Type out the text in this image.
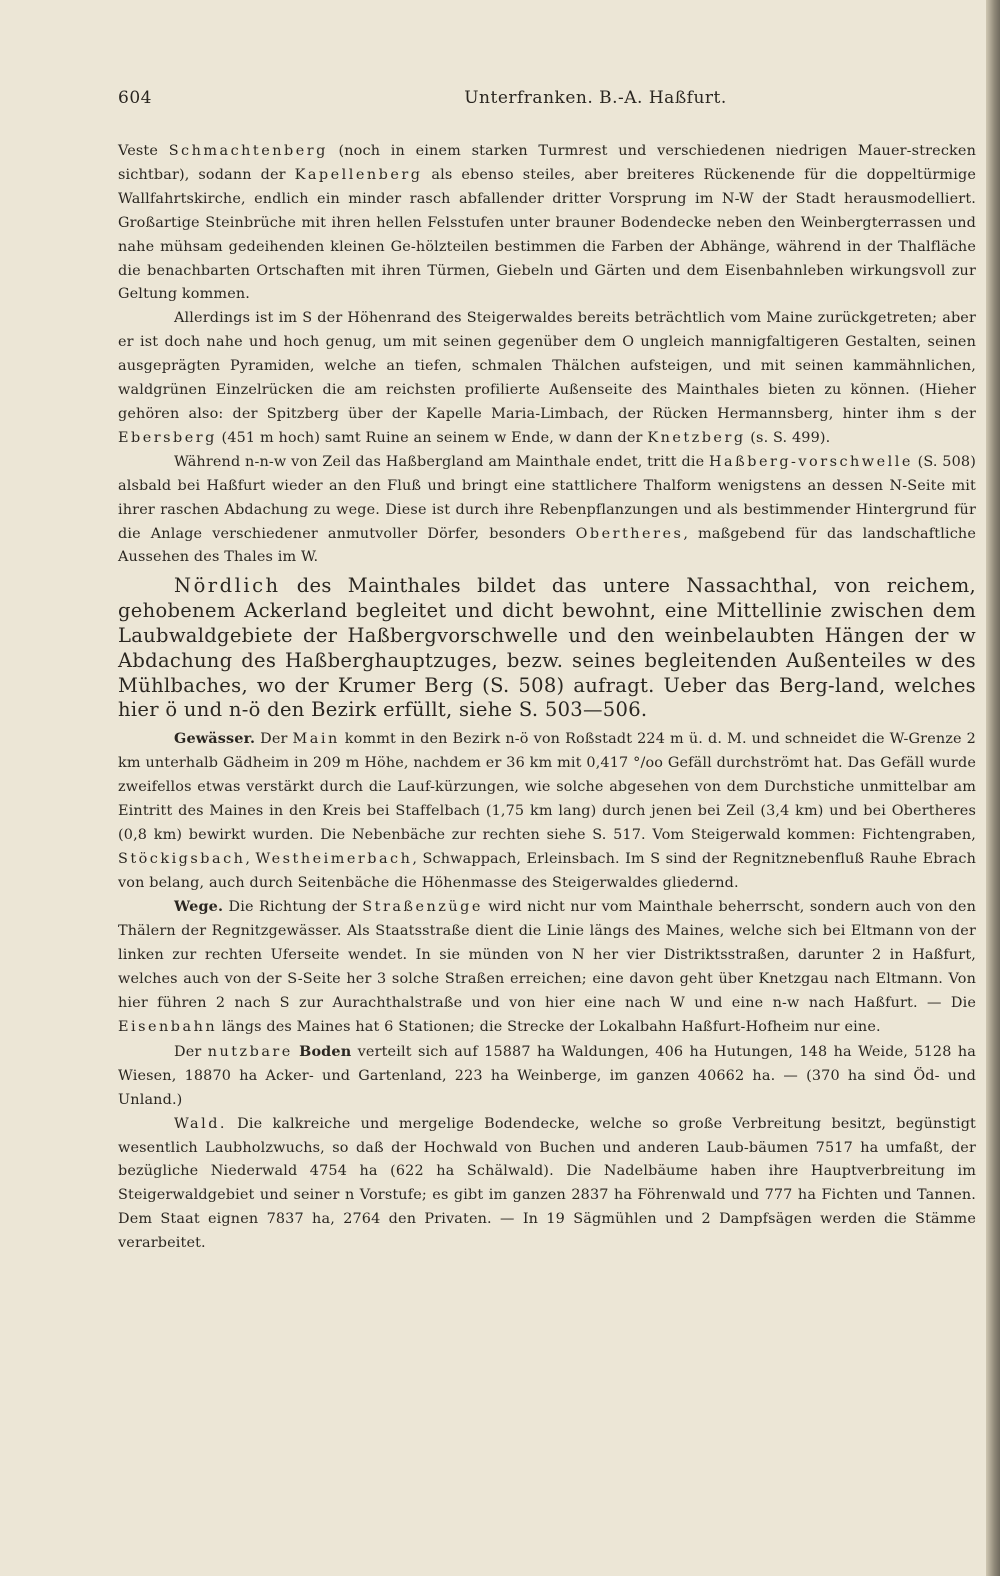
604	Unterfranken. B.-A. Haßfurt.

Veste Schmachtenberg (noch in einem starken Turmrest und verschiedenen niedrigen Mauer-strecken sichtbar), sodann der Kapellenberg als ebenso steiles, aber breiteres Rückenende für die doppeltürmige Wallfahrtskirche, endlich ein minder rasch abfallender dritter Vorsprung im N-W der Stadt herausmodelliert. Großartige Steinbrüche mit ihren hellen Felsstufen unter brauner Bodendecke neben den Weinbergterrassen und nahe mühsam gedeihenden kleinen Ge-hölzteilen bestimmen die Farben der Abhänge, während in der Thalfläche die benachbarten Ortschaften mit ihren Türmen, Giebeln und Gärten und dem Eisenbahnleben wirkungsvoll zur Geltung kommen.

Allerdings ist im S der Höhenrand des Steigerwaldes bereits beträchtlich vom Maine zurückgetreten; aber er ist doch nahe und hoch genug, um mit seinen gegenüber dem O ungleich mannigfaltigeren Gestalten, seinen ausgeprägten Pyramiden, welche an tiefen, schmalen Thälchen aufsteigen, und mit seinen kammähnlichen, waldgrünen Einzelrücken die am reichsten profilierte Außenseite des Mainthales bieten zu können. (Hieher gehören also: der Spitzberg über der Kapelle Maria-Limbach, der Rücken Hermannsberg, hinter ihm s der Ebersberg (451 m hoch) samt Ruine an seinem w Ende, w dann der Knetzberg (s. S. 499).

Während n-n-w von Zeil das Haßbergland am Mainthale endet, tritt die Haßberg-vorschwelle (S. 508) alsbald bei Haßfurt wieder an den Fluß und bringt eine stattlichere Thalform wenigstens an dessen N-Seite mit ihrer raschen Abdachung zu wege. Diese ist durch ihre Rebenpflanzungen und als bestimmender Hintergrund für die Anlage verschiedener anmutvoller Dörfer, besonders Obertheres, maßgebend für das landschaftliche Aussehen des Thales im W.

Nördlich des Mainthales bildet das untere Nassachthal, von reichem, gehobenem Ackerland begleitet und dicht bewohnt, eine Mittellinie zwischen dem Laubwaldgebiete der Haßbergvorschwelle und den weinbelaubten Hängen der w Abdachung des Haßberghauptzuges, bezw. seines begleitenden Außenteiles w des Mühlbaches, wo der Krumer Berg (S. 508) aufragt. Ueber das Berg-land, welches hier ö und n-ö den Bezirk erfüllt, siehe S. 503—506.

Gewässer. Der Main kommt in den Bezirk n-ö von Roßstadt 224 m ü. d. M. und schneidet die W-Grenze 2 km unterhalb Gädheim in 209 m Höhe, nachdem er 36 km mit 0,417 °/oo Gefäll durchströmt hat. Das Gefäll wurde zweifellos etwas verstärkt durch die Lauf-kürzungen, wie solche abgesehen von dem Durchstiche unmittelbar am Eintritt des Maines in den Kreis bei Staffelbach (1,75 km lang) durch jenen bei Zeil (3,4 km) und bei Obertheres (0,8 km) bewirkt wurden. Die Nebenbäche zur rechten siehe S. 517. Vom Steigerwald kommen: Fichtengraben, Stöckigsbach, Westheimerbach, Schwappach, Erleinsbach. Im S sind der Regnitznebenfluß Rauhe Ebrach von belang, auch durch Seitenbäche die Höhenmasse des Steigerwaldes gliedernd.

Wege. Die Richtung der Straßenzüge wird nicht nur vom Mainthale beherrscht, sondern auch von den Thälern der Regnitzgewässer. Als Staatsstraße dient die Linie längs des Maines, welche sich bei Eltmann von der linken zur rechten Uferseite wendet. In sie münden von N her vier Distriktsstraßen, darunter 2 in Haßfurt, welches auch von der S-Seite her 3 solche Straßen erreichen; eine davon geht über Knetzgau nach Eltmann. Von hier führen 2 nach S zur Aurachthalstraße und von hier eine nach W und eine n-w nach Haßfurt. — Die Eisenbahn längs des Maines hat 6 Stationen; die Strecke der Lokalbahn Haßfurt-Hofheim nur eine.

Der nutzbare Boden verteilt sich auf 15887 ha Waldungen, 406 ha Hutungen, 148 ha Weide, 5128 ha Wiesen, 18870 ha Acker- und Gartenland, 223 ha Weinberge, im ganzen 40662 ha. — (370 ha sind Öd- und Unland.)

Wald. Die kalkreiche und mergelige Bodendecke, welche so große Verbreitung besitzt, begünstigt wesentlich Laubholzwuchs, so daß der Hochwald von Buchen und anderen Laub-bäumen 7517 ha umfaßt, der bezügliche Niederwald 4754 ha (622 ha Schälwald). Die Nadelbäume haben ihre Hauptverbreitung im Steigerwaldgebiet und seiner n Vorstufe; es gibt im ganzen 2837 ha Föhrenwald und 777 ha Fichten und Tannen. Dem Staat eignen 7837 ha, 2764 den Privaten. — In 19 Sägmühlen und 2 Dampfsägen werden die Stämme verarbeitet.
